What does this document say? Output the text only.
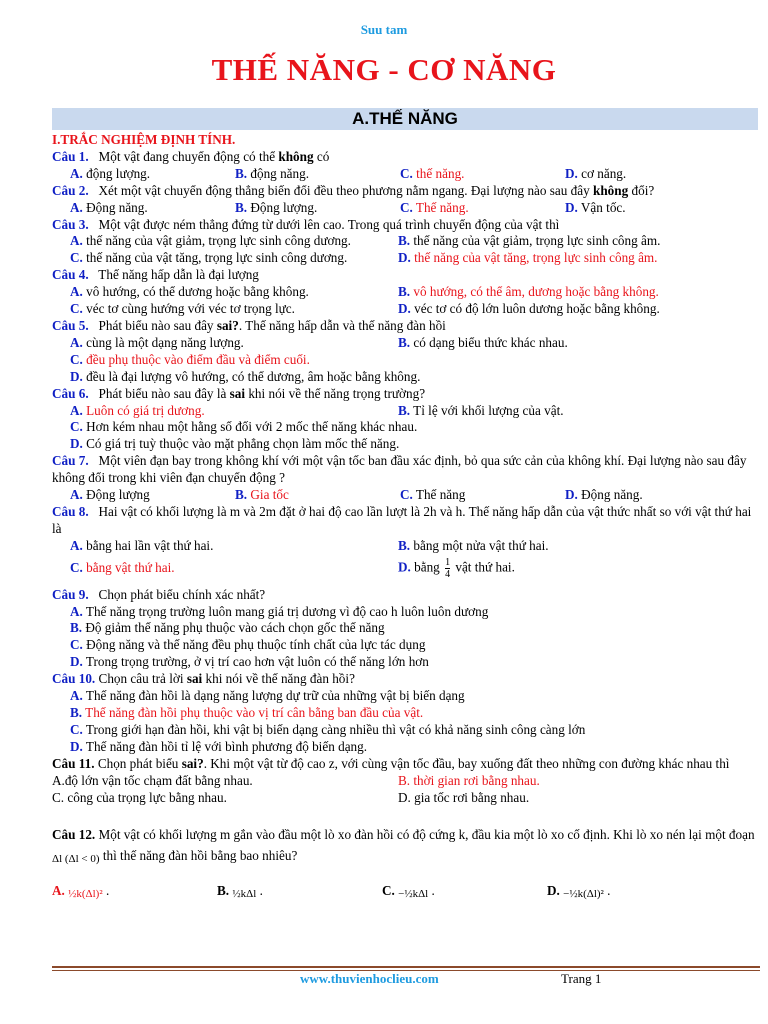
Suu tam
THẾ NĂNG - CƠ NĂNG
A.THẾ NĂNG
I.TRẮC NGHIỆM ĐỊNH TÍNH.
Câu 1. Một vật đang chuyển động có thể không có
A. động lượng.	B. động năng.	C. thế năng.	D. cơ năng.
Câu 2. Xét một vật chuyển động thẳng biến đổi đều theo phương nằm ngang. Đại lượng nào sau đây không đổi?
A. Động năng.	B. Động lượng.	C. Thế năng.	D. Vận tốc.
Câu 3. Một vật được ném thẳng đứng từ dưới lên cao. Trong quá trình chuyển động của vật thì
A. thế năng của vật giảm, trọng lực sinh công dương.	B. thế năng của vật giảm, trọng lực sinh công âm.
C. thế năng của vật tăng, trọng lực sinh công dương.	D. thế năng của vật tăng, trọng lực sinh công âm.
Câu 4. Thế năng hấp dẫn là đại lượng
A. vô hướng, có thể dương hoặc bằng không.	B. vô hướng, có thể âm, dương hoặc bằng không.
C. véc tơ cùng hướng với véc tơ trọng lực.	D. véc tơ có độ lớn luôn dương hoặc bằng không.
Câu 5. Phát biểu nào sau đây sai?. Thế năng hấp dẫn và thế năng đàn hồi
A. cùng là một dạng năng lượng.	B. có dạng biểu thức khác nhau.
C. đều phụ thuộc vào điểm đầu và điểm cuối.
D. đều là đại lượng vô hướng, có thể dương, âm hoặc bằng không.
Câu 6. Phát biểu nào sau đây là sai khi nói về thế năng trọng trường?
A. Luôn có giá trị dương.	B. Tỉ lệ với khối lượng của vật.
C. Hơn kém nhau một hằng số đối với 2 mốc thế năng khác nhau.
D. Có giá trị tuỳ thuộc vào mặt phẳng chọn làm mốc thế năng.
Câu 7. Một viên đạn bay trong không khí với một vận tốc ban đầu xác định, bỏ qua sức cản của không khí. Đại lượng nào sau đây không đổi trong khi viên đạn chuyển động ?
A. Động lượng	B. Gia tốc	C. Thế năng	D. Động năng.
Câu 8. Hai vật có khối lượng là m và 2m đặt ở hai độ cao lần lượt là 2h và h. Thế năng hấp dẫn của vật thức nhất so với vật thứ hai là
A. bằng hai lần vật thứ hai.	B. bằng một nửa vật thứ hai.
C. bằng vật thứ hai.	D. bằng $\frac{1}{4}$ vật thứ hai.
Câu 9. Chọn phát biểu chính xác nhất?
A. Thế năng trọng trường luôn mang giá trị dương vì độ cao h luôn luôn dương
B. Độ giảm thế năng phụ thuộc vào cách chọn gốc thế năng
C. Động năng và thế năng đều phụ thuộc tính chất của lực tác dụng
D. Trong trọng trường, ở vị trí cao hơn vật luôn có thế năng lớn hơn
Câu 10. Chọn câu trả lời sai khi nói về thế năng đàn hồi?
A. Thế năng đàn hồi là dạng năng lượng dự trữ của những vật bị biến dạng
B. Thế năng đàn hồi phụ thuộc vào vị trí cân bằng ban đầu của vật.
C. Trong giới hạn đàn hồi, khi vật bị biến dạng càng nhiều thì vật có khả năng sinh công càng lớn
D. Thế năng đàn hồi tỉ lệ với bình phương độ biến dạng.
Câu 11. Chọn phát biểu sai?. Khi một vật từ độ cao z, với cùng vận tốc đầu, bay xuống đất theo những con đường khác nhau thì
A.độ lớn vận tốc chạm đất bằng nhau.	B. thời gian rơi bằng nhau.
C. công của trọng lực bằng nhau.	D. gia tốc rơi bằng nhau.
Câu 12. Một vật có khối lượng m gắn vào đầu một lò xo đàn hồi có độ cứng k, đầu kia một lò xo cố định. Khi lò xo nén lại một đoạn Δl (Δl < 0) thì thế năng đàn hồi bằng bao nhiêu?
A. ½k(Δl)² .	B. ½kΔl .	C. −½kΔl .	D. −½k(Δl)² .
www.thuvienhoclieu.com	Trang 1
